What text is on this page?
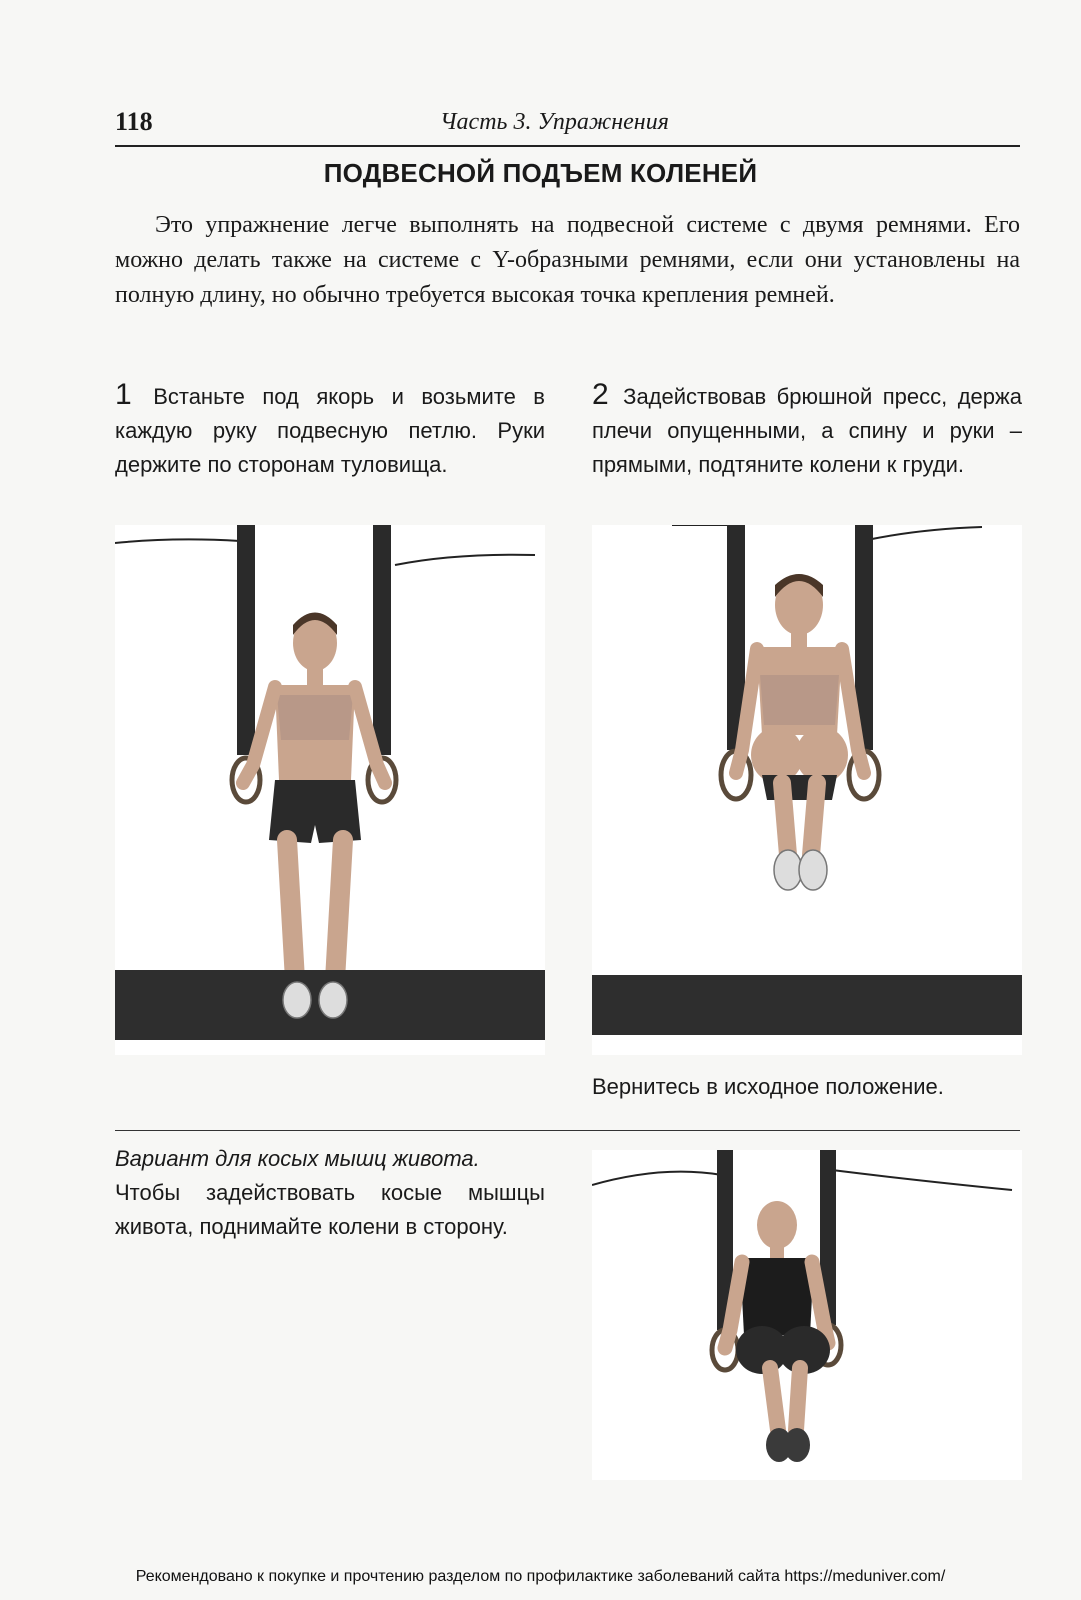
118	Часть 3. Упражнения
ПОДВЕСНОЙ ПОДЪЕМ КОЛЕНЕЙ

Это упражнение легче выполнять на подвесной системе с двумя ремнями. Его можно делать также на системе с Y-образными ремнями, если они установлены на полную длину, но обычно требуется высокая точка крепления ремней.

1 Встаньте под якорь и возьмите в каждую руку подвесную петлю. Руки держите по сторонам туловища.

2 Задействовав брюшной пресс, держа плечи опущенными, а спину и руки – прямыми, подтяните колени к груди.

Вернитесь в исходное положение.

Вариант для косых мышц живота.
Чтобы задействовать косые мышцы живота, поднимайте колени в сторону.

Рекомендовано к покупке и прочтению разделом по профилактике заболеваний сайта https://meduniver.com/
